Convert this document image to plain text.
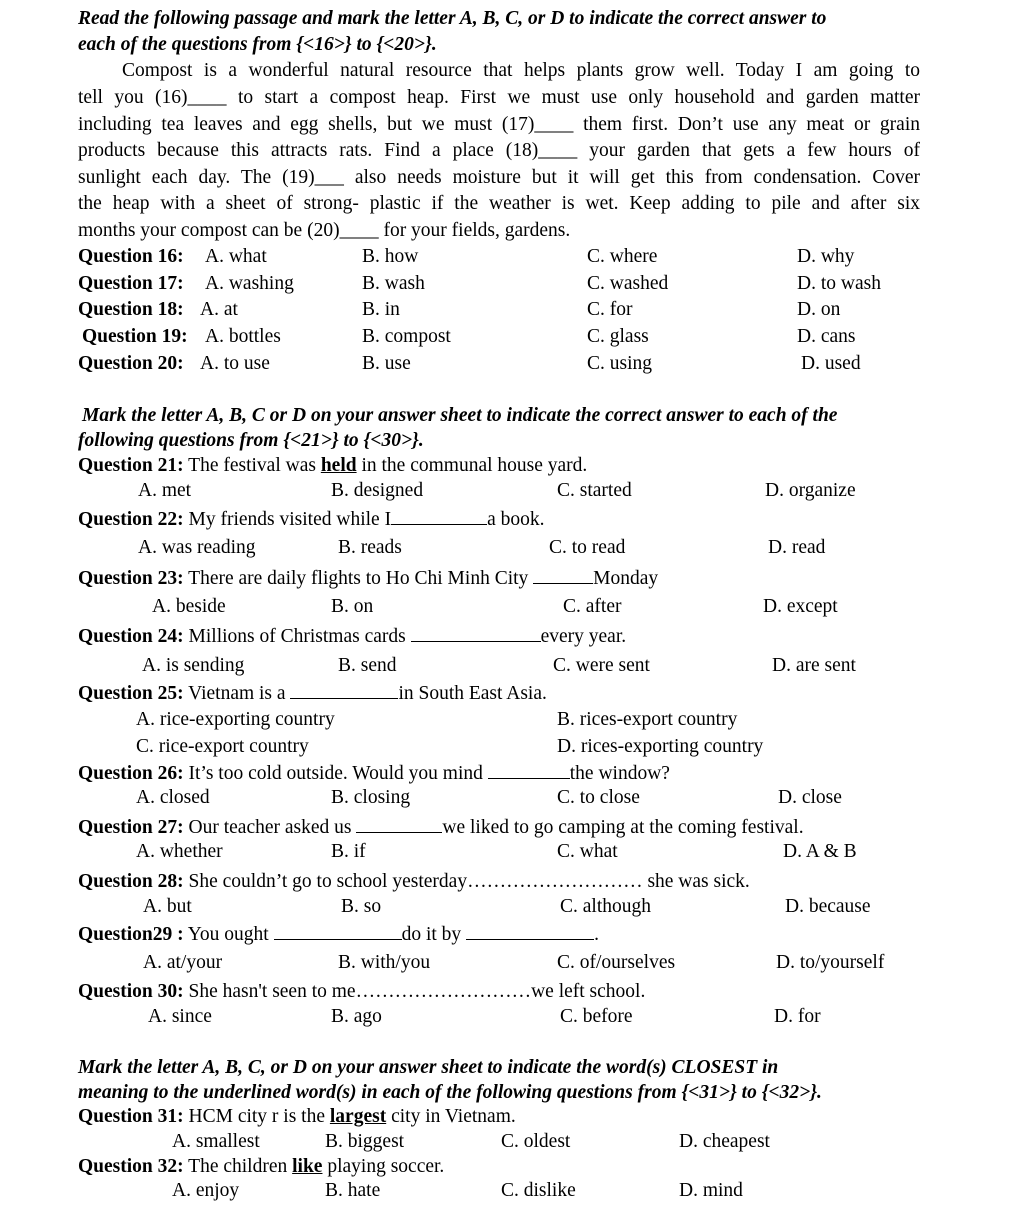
Read the following passage and mark the letter A, B, C, or D to indicate the correct answer to
each of the questions from {<16>} to {<20>}.
Compost is a wonderful natural resource that helps plants grow well. Today I am going to
tell you (16)____ to start a compost heap. First we must use only household and garden matter
including tea leaves and egg shells, but we must (17)____ them first. Don’t use any meat or grain
products because this attracts rats. Find a place (18)____ your garden that gets a few hours of
sunlight each day. The (19)___ also needs moisture but it will get this from condensation. Cover
the heap with a sheet of strong- plastic if the weather is wet. Keep adding to pile and after six
months your compost can be (20)____ for your fields, gardens.
Question 16: A. what	B. how	C. where	D. why
Question 17: A. washing	B. wash	C. washed	D. to wash
Question 18: A. at	B. in	C. for	D. on
Question 19: A. bottles	B. compost	C. glass	D. cans
Question 20: A. to use	B. use	C. using	D. used
Mark the letter A, B, C or D on your answer sheet to indicate the correct answer to each of the
following questions from {<21>} to {<30>}.
Question 21: The festival was held in the communal house yard.
A. met	B. designed	C. started	D. organize
Question 22: My friends visited while I	a book.
A. was reading	B. reads	C. to read	D. read
Question 23: There are daily flights to Ho Chi Minh City	Monday
A. beside	B. on	C. after	D. except
Question 24: Millions of Christmas cards	every year.
A. is sending	B. send	C. were sent	D. are sent
Question 25: Vietnam is a	in South East Asia.
A. rice-exporting country	B. rices-export country
C. rice-export country	D. rices-exporting country
Question 26: It’s too cold outside. Would you mind	the window?
A. closed	B. closing	C. to close	D. close
Question 27: Our teacher asked us	we liked to go camping at the coming festival.
A. whether	B. if	C. what	D. A & B
Question 28: She couldn’t go to school yesterday……………………… she was sick.
A. but	B. so	C. although	D. because
Question29 : You ought	do it by	.
A. at/your	B. with/you	C. of/ourselves	D. to/yourself
Question 30: She hasn't seen to me………………………we left school.
A. since	B. ago	C. before	D. for
Mark the letter A, B, C, or D on your answer sheet to indicate the word(s) CLOSEST in
meaning to the underlined word(s) in each of the following questions from {<31>} to {<32>}.
Question 31: HCM city r is the largest city in Vietnam.
A. smallest	B. biggest	C. oldest	D. cheapest
Question 32: The children like playing soccer.
A. enjoy	B. hate	C. dislike	D. mind
